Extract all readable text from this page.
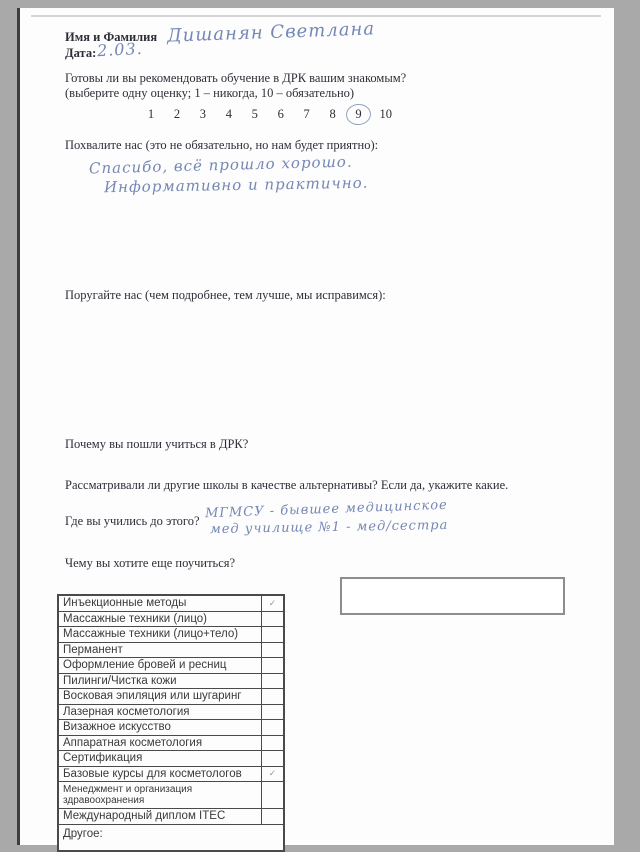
Имя и Фамилия Дишанян Светлана
Дата: 2.03.
Готовы ли вы рекомендовать обучение в ДРК вашим знакомым?
(выберите одну оценку; 1 – никогда, 10 – обязательно)
1 2 3 4 5 6 7 8 9 10
Похвалите нас (это не обязательно, но нам будет приятно):
Спасибо, всё прошло хорошо.
Информативно и практично.
Поругайте нас (чем подробнее, тем лучше, мы исправимся):
Почему вы пошли учиться в ДРК?
Рассматривали ли другие школы в качестве альтернативы? Если да, укажите какие.
Где вы учились до этого? МГМСУ - бывшее медицинское
мед училище №1 - мед/сестра
Чему вы хотите еще поучиться?
Инъекционные методы	✓
Массажные техники (лицо)
Массажные техники (лицо+тело)
Перманент
Оформление бровей и ресниц
Пилинги/Чистка кожи
Восковая эпиляция или шугаринг
Лазерная косметология
Визажное искусство
Аппаратная косметология
Сертификация
Базовые курсы для косметологов	✓
Менеджмент и организация здравоохранения
Международный диплом ITEC
Другое:
